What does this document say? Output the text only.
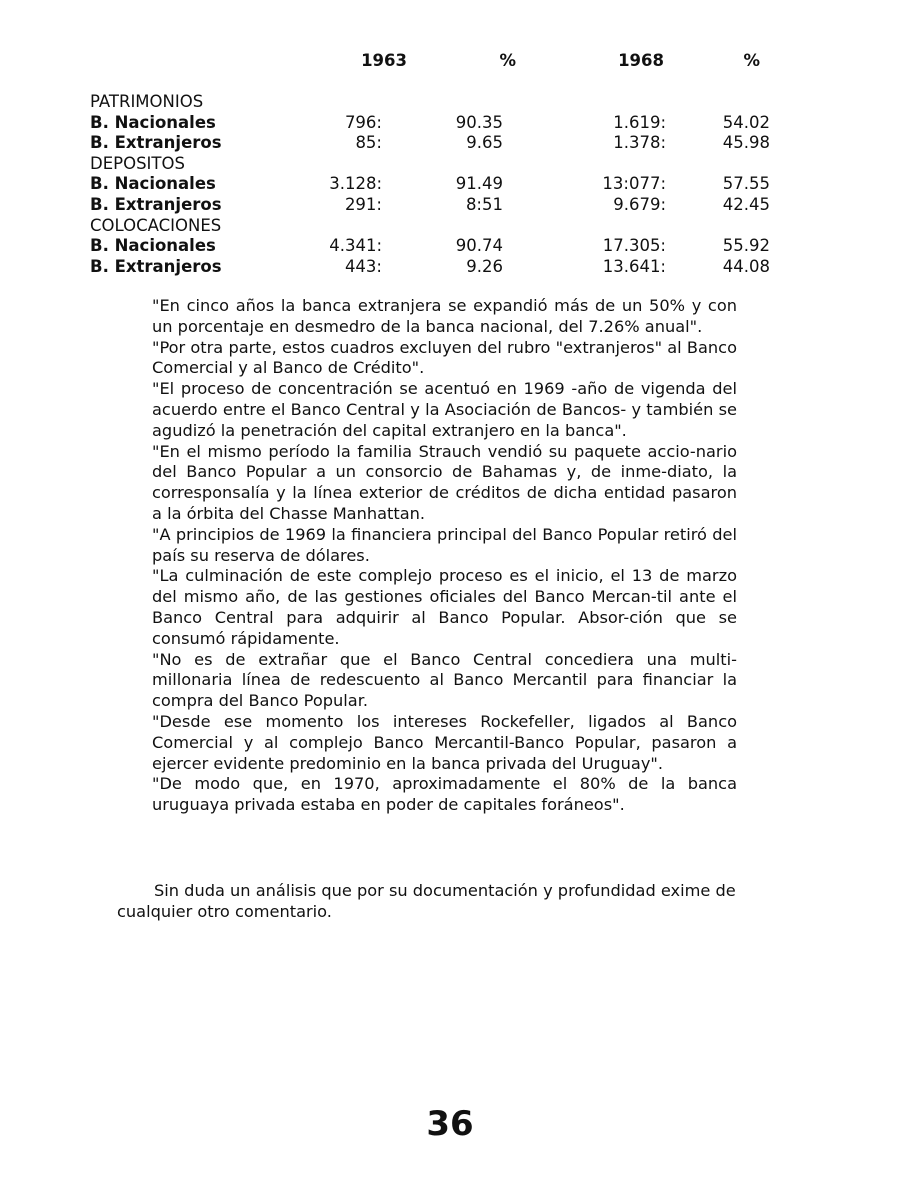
1963	%	1968	%
PATRIMONIOS
B. Nacionales	796:	90.35	1.619:	54.02
B. Extranjeros	85:	9.65	1.378:	45.98
DEPOSITOS
B. Nacionales	3.128:	91.49	13:077:	57.55
B. Extranjeros	291:	8:51	9.679:	42.45
COLOCACIONES
B. Nacionales	4.341:	90.74	17.305:	55.92
B. Extranjeros	443:	9.26	13.641:	44.08

"En cinco años la banca extranjera se expandió más de un 50% y con un porcentaje en desmedro de la banca nacional, del 7.26% anual".

"Por otra parte, estos cuadros excluyen del rubro "extranjeros" al Banco Comercial y al Banco de Crédito".

"El proceso de concentración se acentuó en 1969 -año de vigenda del acuerdo entre el Banco Central y la Asociación de Bancos- y también se agudizó la penetración del capital extranjero en la banca".

"En el mismo período la familia Strauch vendió su paquete accio-nario del Banco Popular a un consorcio de Bahamas y, de inme-diato, la corresponsalía y la línea exterior de créditos de dicha entidad pasaron a la órbita del Chasse Manhattan.

"A principios de 1969 la financiera principal del Banco Popular retiró del país su reserva de dólares.

"La culminación de este complejo proceso es el inicio, el 13 de marzo del mismo año, de las gestiones oficiales del Banco Mercan-til ante el Banco Central para adquirir al Banco Popular. Absor-ción que se consumó rápidamente.

"No es de extrañar que el Banco Central concediera una multi-millonaria línea de redescuento al Banco Mercantil para financiar la compra del Banco Popular.

"Desde ese momento los intereses Rockefeller, ligados al Banco Comercial y al complejo Banco Mercantil-Banco Popular, pasaron a ejercer evidente predominio en la banca privada del Uruguay".

"De modo que, en 1970, aproximadamente el 80% de la banca uruguaya privada estaba en poder de capitales foráneos".

Sin duda un análisis que por su documentación y profundidad exime de cualquier otro comentario.

36
